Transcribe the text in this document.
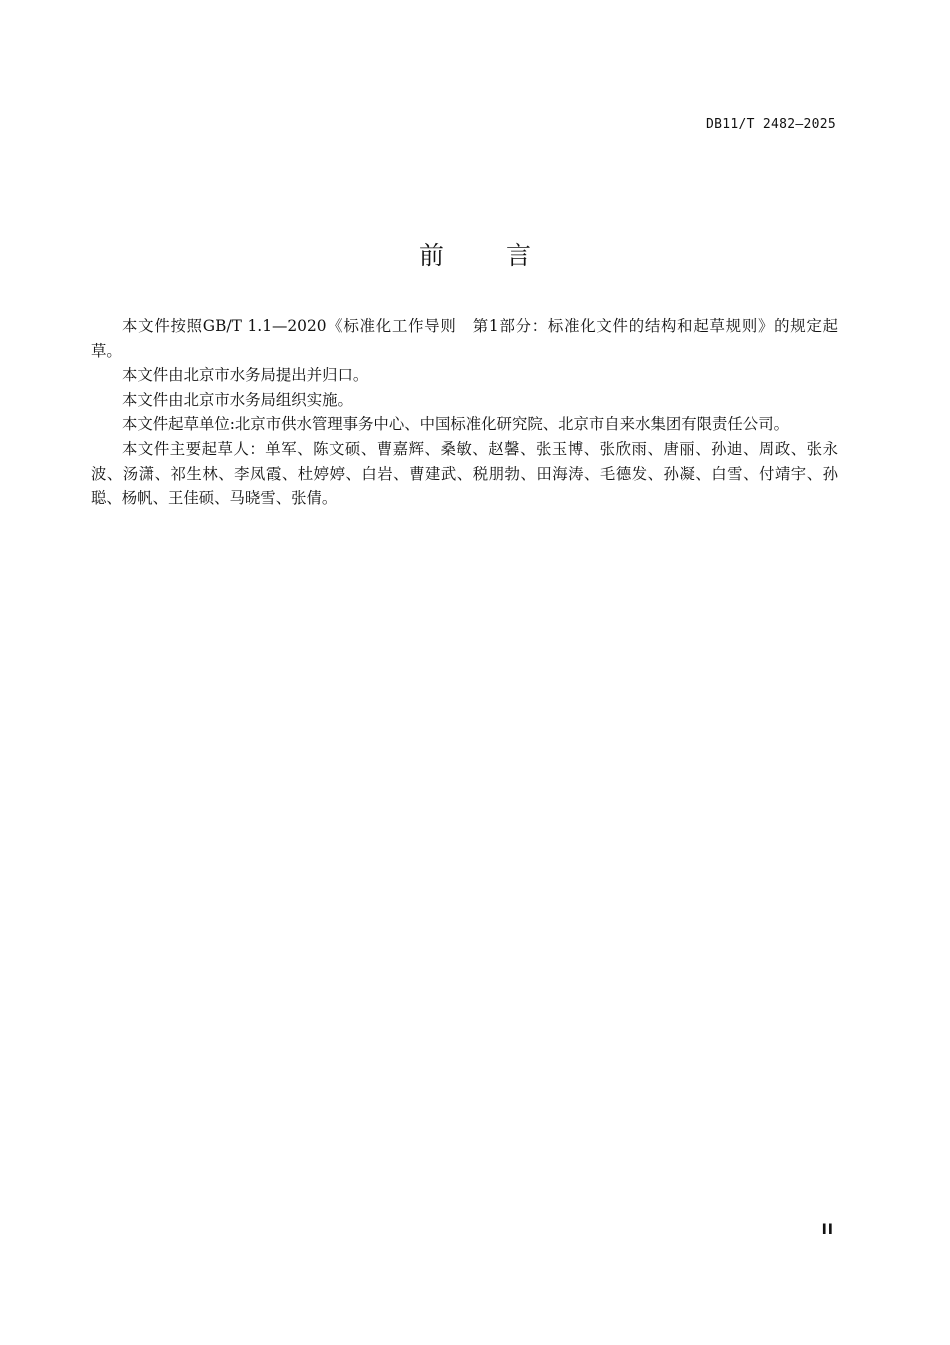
DB11/T 2482—2025
前 言

本文件按照GB/T 1.1—2020《标准化工作导则　第1部分：标准化文件的结构和起草规则》的规定起草。

本文件由北京市水务局提出并归口。

本文件由北京市水务局组织实施。

本文件起草单位:北京市供水管理事务中心、中国标准化研究院、北京市自来水集团有限责任公司。

本文件主要起草人：单军、陈文硕、曹嘉辉、桑敏、赵馨、张玉博、张欣雨、唐丽、孙迪、周政、张永波、汤潇、祁生林、李凤霞、杜婷婷、白岩、曹建武、税朋勃、田海涛、毛德发、孙凝、白雪、付靖宇、孙聪、杨帆、王佳硕、马晓雪、张倩。

II
